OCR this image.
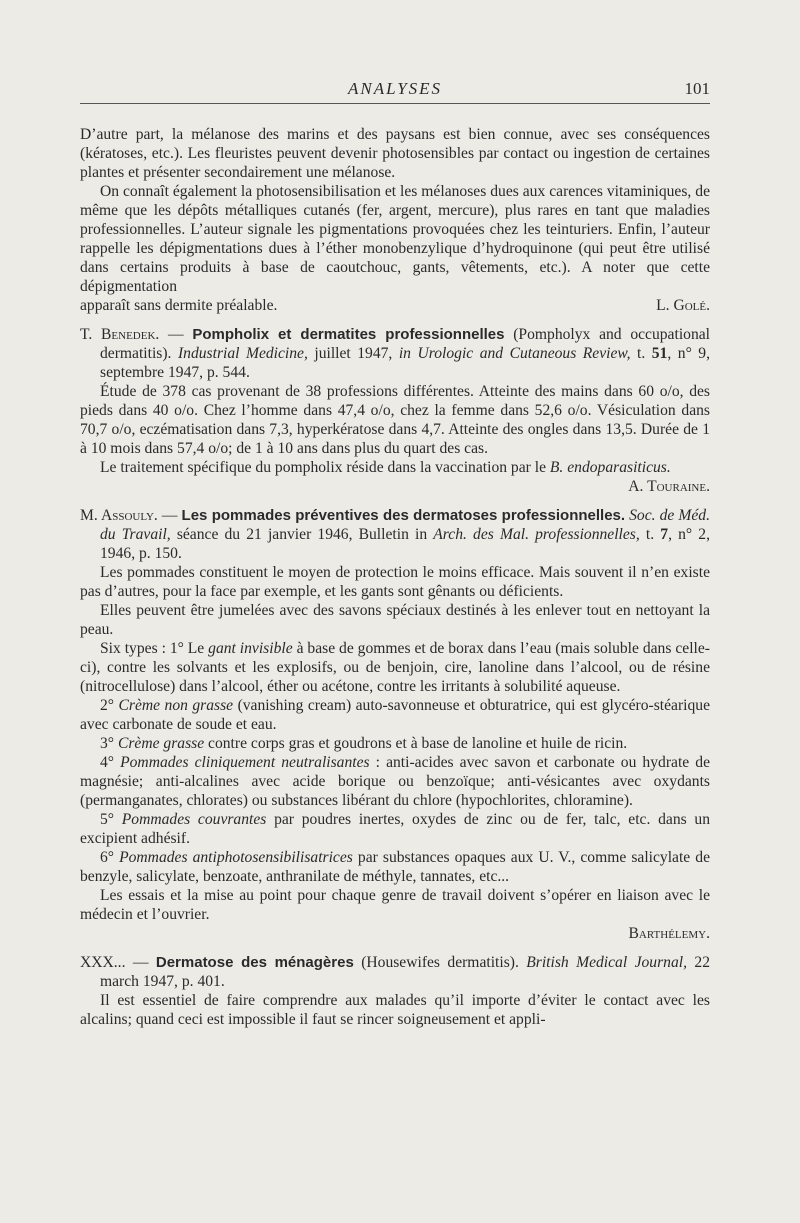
ANALYSES	101

D’autre part, la mélanose des marins et des paysans est bien connue, avec ses conséquences (kératoses, etc.). Les fleuristes peuvent devenir photosensibles par contact ou ingestion de certaines plantes et présenter secondairement une mélanose.

On connaît également la photosensibilisation et les mélanoses dues aux carences vitaminiques, de même que les dépôts métalliques cutanés (fer, argent, mercure), plus rares en tant que maladies professionnelles. L’auteur signale les pigmentations provoquées chez les teinturiers. Enfin, l’auteur rappelle les dépigmentations dues à l’éther monobenzylique d’hydroquinone (qui peut être utilisé dans certains produits à base de caoutchouc, gants, vêtements, etc.). A noter que cette dépigmentation

apparaît sans dermite préalable.	L. Golé.

T. Benedek. — Pompholix et dermatites professionnelles (Pompholyx and occupational dermatitis). Industrial Medicine, juillet 1947, in Urologic and Cutaneous Review, t. 51, n° 9, septembre 1947, p. 544.

Étude de 378 cas provenant de 38 professions différentes. Atteinte des mains dans 60 o/o, des pieds dans 40 o/o. Chez l’homme dans 47,4 o/o, chez la femme dans 52,6 o/o. Vésiculation dans 70,7 o/o, eczématisation dans 7,3, hyperkératose dans 4,7. Atteinte des ongles dans 13,5. Durée de 1 à 10 mois dans 57,4 o/o; de 1 à 10 ans dans plus du quart des cas.

Le traitement spécifique du pompholix réside dans la vaccination par le B. endoparasiticus.

A. Touraine.

M. Assouly. — Les pommades préventives des dermatoses professionnelles. Soc. de Méd. du Travail, séance du 21 janvier 1946, Bulletin in Arch. des Mal. professionnelles, t. 7, n° 2, 1946, p. 150.

Les pommades constituent le moyen de protection le moins efficace. Mais souvent il n’en existe pas d’autres, pour la face par exemple, et les gants sont gênants ou déficients.

Elles peuvent être jumelées avec des savons spéciaux destinés à les enlever tout en nettoyant la peau.

Six types : 1° Le gant invisible à base de gommes et de borax dans l’eau (mais soluble dans celle-ci), contre les solvants et les explosifs, ou de benjoin, cire, lanoline dans l’alcool, ou de résine (nitrocellulose) dans l’alcool, éther ou acétone, contre les irritants à solubilité aqueuse.

2° Crème non grasse (vanishing cream) auto-savonneuse et obturatrice, qui est glycéro-stéarique avec carbonate de soude et eau.

3° Crème grasse contre corps gras et goudrons et à base de lanoline et huile de ricin.

4° Pommades cliniquement neutralisantes : anti-acides avec savon et carbonate ou hydrate de magnésie; anti-alcalines avec acide borique ou benzoïque; anti-vésicantes avec oxydants (permanganates, chlorates) ou substances libérant du chlore (hypochlorites, chloramine).

5° Pommades couvrantes par poudres inertes, oxydes de zinc ou de fer, talc, etc. dans un excipient adhésif.

6° Pommades antiphotosensibilisatrices par substances opaques aux U. V., comme salicylate de benzyle, salicylate, benzoate, anthranilate de méthyle, tannates, etc...

Les essais et la mise au point pour chaque genre de travail doivent s’opérer en liaison avec le médecin et l’ouvrier.

Barthélemy.

XXX... — Dermatose des ménagères (Housewifes dermatitis). British Medical Journal, 22 march 1947, p. 401.

Il est essentiel de faire comprendre aux malades qu’il importe d’éviter le contact avec les alcalins; quand ceci est impossible il faut se rincer soigneusement et appli-
